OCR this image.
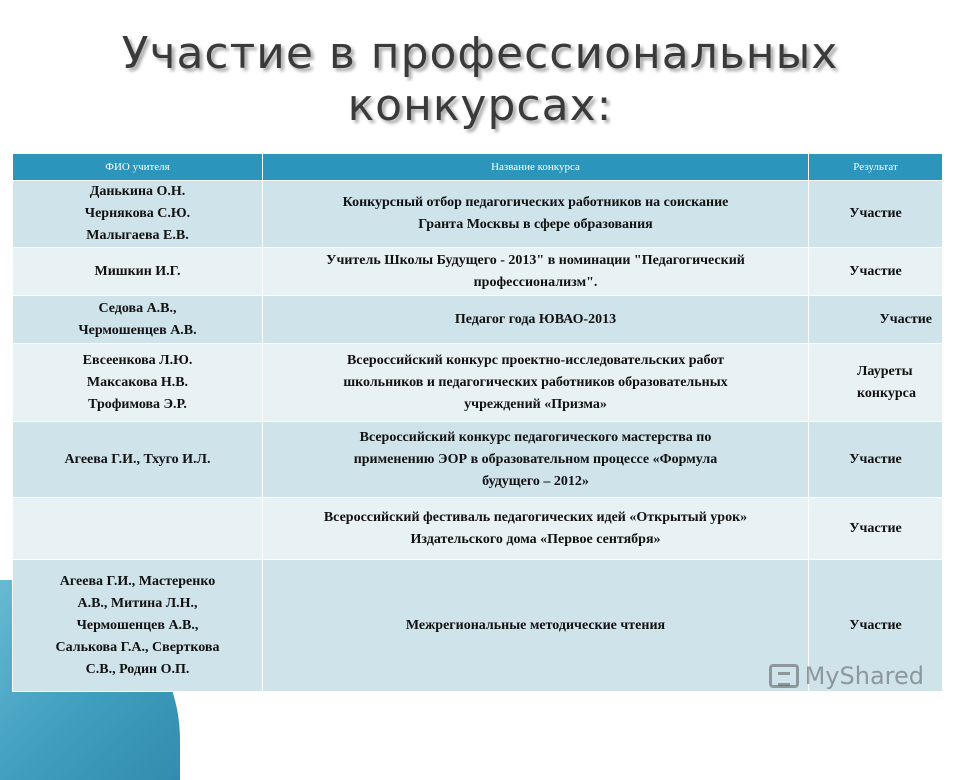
Участие в профессиональных
конкурсах:
ФИО учителя	Название конкурса	Результат

Данькина О.Н.
Чернякова С.Ю.
Малыгаева Е.В.	Конкурсный отбор педагогических работников на соискание
Гранта Москвы в сфере образования	Участие

Мишкин И.Г.	Учитель Школы Будущего - 2013" в номинации "Педагогический
профессионализм".	Участие

Седова А.В.,
Чермошенцев А.В.	Педагог года ЮВАО-2013	Участие

Евсеенкова Л.Ю.
Максакова Н.В.
Трофимова Э.Р.	Всероссийский конкурс проектно-исследовательских работ
школьников и педагогических работников образовательных
учреждений «Призма»	Лауреты
конкурса

Агеева Г.И., Тхуго И.Л.	Всероссийский конкурс педагогического мастерства по
применению ЭОР в образовательном процессе «Формула
будущего – 2012»	Участие

	Всероссийский фестиваль педагогических идей «Открытый урок»
Издательского дома «Первое сентября»	Участие

Агеева Г.И., Мастеренко
А.В., Митина Л.Н.,
Чермошенцев А.В.,
Салькова Г.А., Сверткова
С.В., Родин О.П.	Межрегиональные методические чтения	Участие
MyShared
